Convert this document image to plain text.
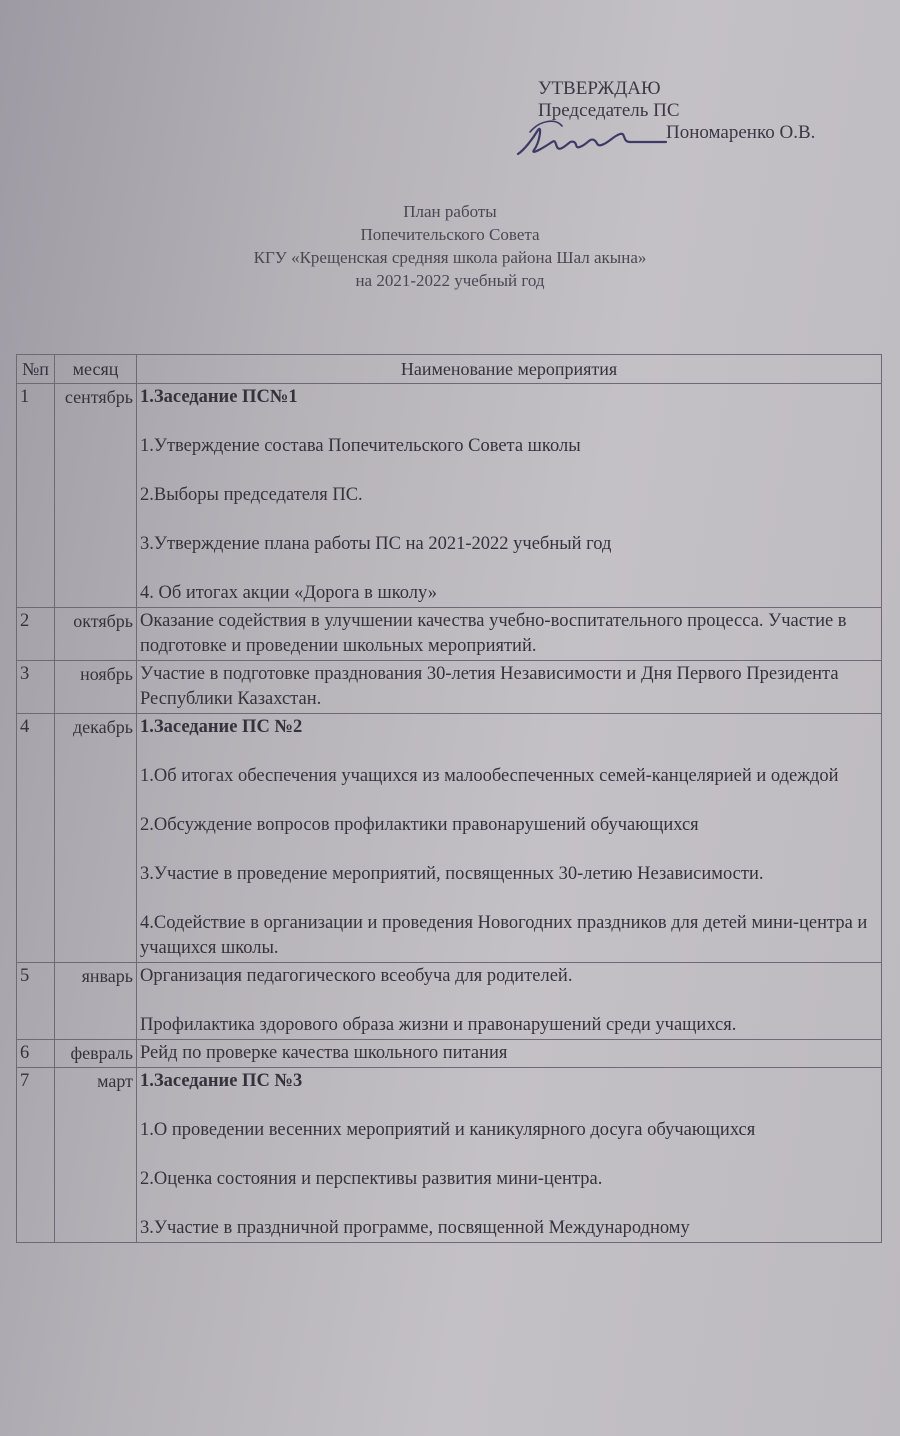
УТВЕРЖДАЮ
Председатель ПС
Пономаренко О.В.
План работы
Попечительского Совета
КГУ «Крещенская средняя школа района Шал акына»
на 2021-2022 учебный год
№п	месяц	Наименование мероприятия
1	сентябрь	1.Заседание ПС№1

1.Утверждение состава Попечительского Совета школы

2.Выборы председателя ПС.

3.Утверждение плана работы ПС на 2021-2022 учебный год

4. Об итогах акции «Дорога в школу»

2	октябрь	Оказание содействия в улучшении качества учебно-воспитательного процесса. Участие в подготовке и проведении школьных мероприятий.

3	ноябрь	Участие в подготовке празднования 30-летия Независимости и Дня Первого Президента Республики Казахстан.

4	декабрь	1.Заседание ПС №2

1.Об итогах обеспечения учащихся из малообеспеченных семей-канцелярией и одеждой

2.Обсуждение вопросов профилактики правонарушений обучающихся

3.Участие в проведение мероприятий, посвященных 30-летию Независимости.

4.Содействие в организации и проведения Новогодних праздников для детей мини-центра и учащихся школы.

5	январь	Организация педагогического всеобуча для родителей.

Профилактика здорового образа жизни и правонарушений среди учащихся.

6	февраль	Рейд по проверке качества школьного питания

7	март	1.Заседание ПС №3

1.О проведении весенних мероприятий и каникулярного досуга обучающихся

2.Оценка состояния и перспективы развития мини-центра.

3.Участие в праздничной программе, посвященной Международному
